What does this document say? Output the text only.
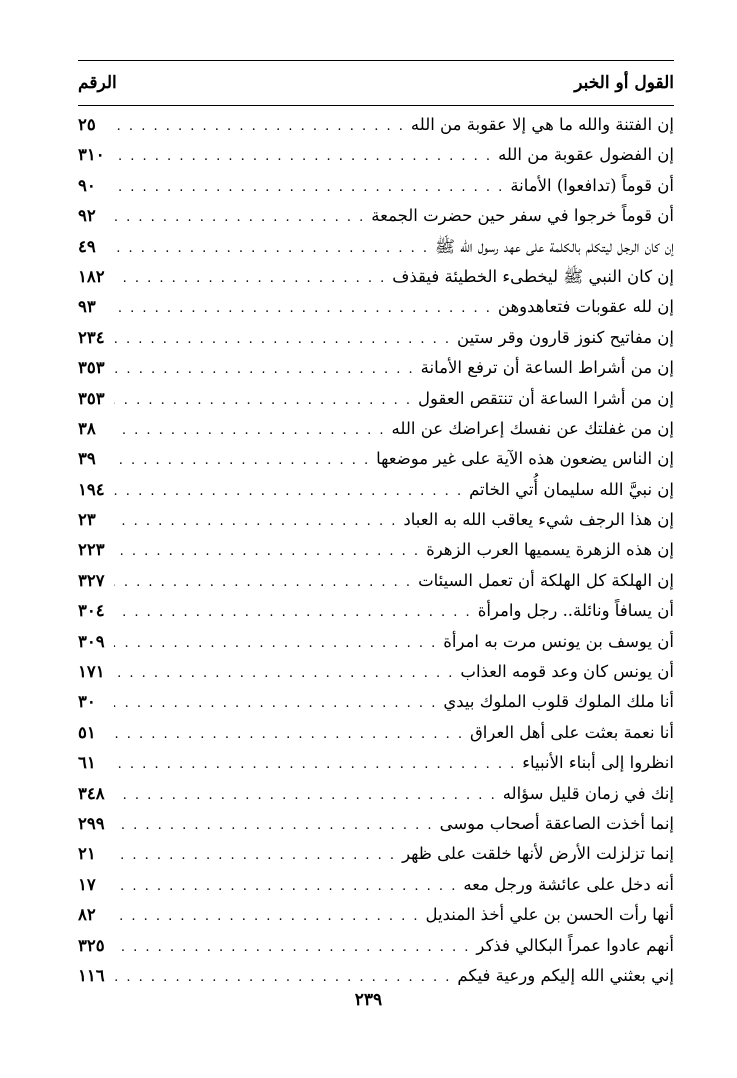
القول أو الخبر
الرقم
إن الفتنة والله ما هي إلا عقوبة من الله
. . .
٢٥
إن الفضول عقوبة من الله
. . .
٣١٠
أن قوماً (تدافعوا) الأمانة
. . .
٩٠
أن قوماً خرجوا في سفر حين حضرت الجمعة
. . .
٩٢
إن كان الرجل ليتكلم بالكلمة على عهد رسول الله ﷺ
. . .
٤٩
إن كان النبي ﷺ ليخطىء الخطيئة فيقذف
. . .
١٨٢
إن لله عقوبات فتعاهدوهن
. . .
٩٣
إن مفاتيح كنوز قارون وقر ستين
. . .
٢٣٤
إن من أشراط الساعة أن ترفع الأمانة
. . .
٣٥٣
إن من أشرا الساعة أن تنتقص العقول
. . .
٣٥٣
إن من غفلتك عن نفسك إعراضك عن الله
. . .
٣٨
إن الناس يضعون هذه الآية على غير موضعها
. . .
٣٩
إن نبيَّ الله سليمان أُتي الخاتم
. . .
١٩٤
إن هذا الرجف شيء يعاقب الله به العباد
. . .
٢٣
إن هذه الزهرة يسميها العرب الزهرة
. . .
٢٢٣
إن الهلكة كل الهلكة أن تعمل السيئات
. . .
٣٢٧
أن يسافاً ونائلة.. رجل وامرأة
. . .
٣٠٤
أن يوسف بن يونس مرت به امرأة
. . .
٣٠٩
أن يونس كان وعد قومه العذاب
. . .
١٧١
أنا ملك الملوك قلوب الملوك بيدي
. . .
٣٠
أنا نعمة بعثت على أهل العراق
. . .
٥١
انظروا إلى أبناء الأنبياء
. . .
٦١
إنك في زمان قليل سؤاله
. . .
٣٤٨
إنما أخذت الصاعقة أصحاب موسى
. . .
٢٩٩
إنما تزلزلت الأرض لأنها خلقت على ظهر
. . .
٢١
أنه دخل على عائشة ورجل معه
. . .
١٧
أنها رأت الحسن بن علي أخذ المنديل
. . .
٨٢
أنهم عادوا عمراً البكالي فذكر
. . .
٣٢٥
إني بعثني الله إليكم ورعية فيكم
. . .
١١٦
٢٣٩
